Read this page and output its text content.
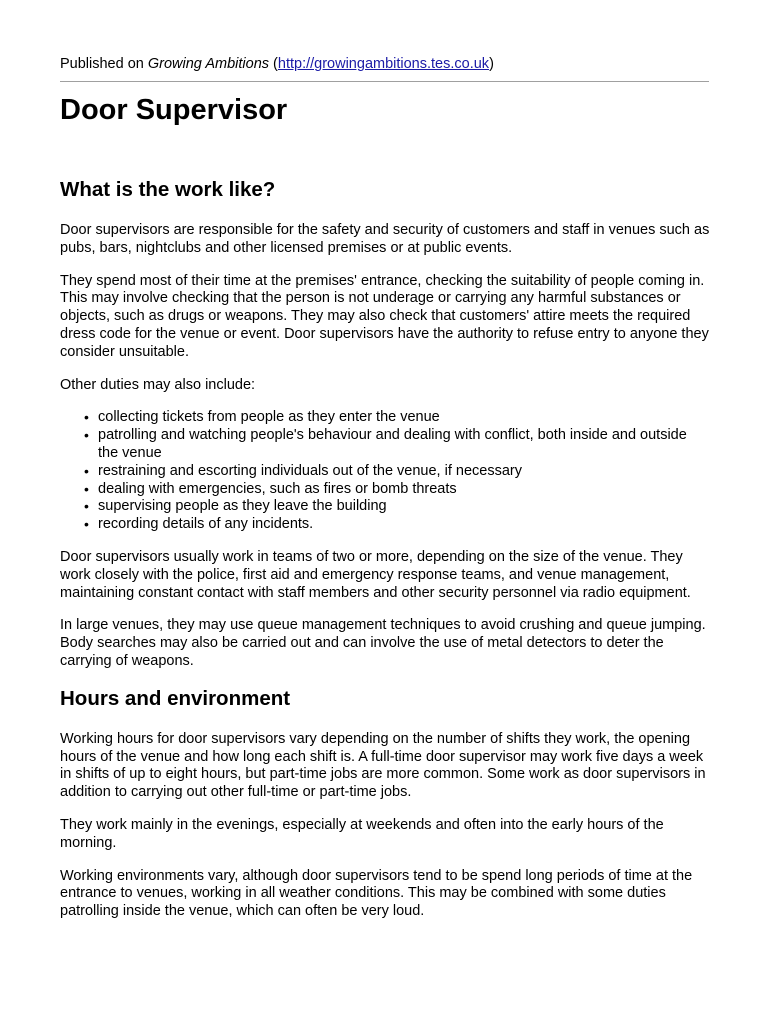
Published on Growing Ambitions (http://growingambitions.tes.co.uk)
Door Supervisor
What is the work like?

Door supervisors are responsible for the safety and security of customers and staff in venues such as pubs, bars, nightclubs and other licensed premises or at public events.

They spend most of their time at the premises' entrance, checking the suitability of people coming in. This may involve checking that the person is not underage or carrying any harmful substances or objects, such as drugs or weapons. They may also check that customers' attire meets the required dress code for the venue or event. Door supervisors have the authority to refuse entry to anyone they consider unsuitable.

Other duties may also include:

• collecting tickets from people as they enter the venue
• patrolling and watching people's behaviour and dealing with conflict, both inside and outside the venue
• restraining and escorting individuals out of the venue, if necessary
• dealing with emergencies, such as fires or bomb threats
• supervising people as they leave the building
• recording details of any incidents.

Door supervisors usually work in teams of two or more, depending on the size of the venue. They work closely with the police, first aid and emergency response teams, and venue management, maintaining constant contact with staff members and other security personnel via radio equipment.

In large venues, they may use queue management techniques to avoid crushing and queue jumping. Body searches may also be carried out and can involve the use of metal detectors to deter the carrying of weapons.

Hours and environment

Working hours for door supervisors vary depending on the number of shifts they work, the opening hours of the venue and how long each shift is. A full-time door supervisor may work five days a week in shifts of up to eight hours, but part-time jobs are more common. Some work as door supervisors in addition to carrying out other full-time or part-time jobs.

They work mainly in the evenings, especially at weekends and often into the early hours of the morning.

Working environments vary, although door supervisors tend to be spend long periods of time at the entrance to venues, working in all weather conditions. This may be combined with some duties patrolling inside the venue, which can often be very loud.
